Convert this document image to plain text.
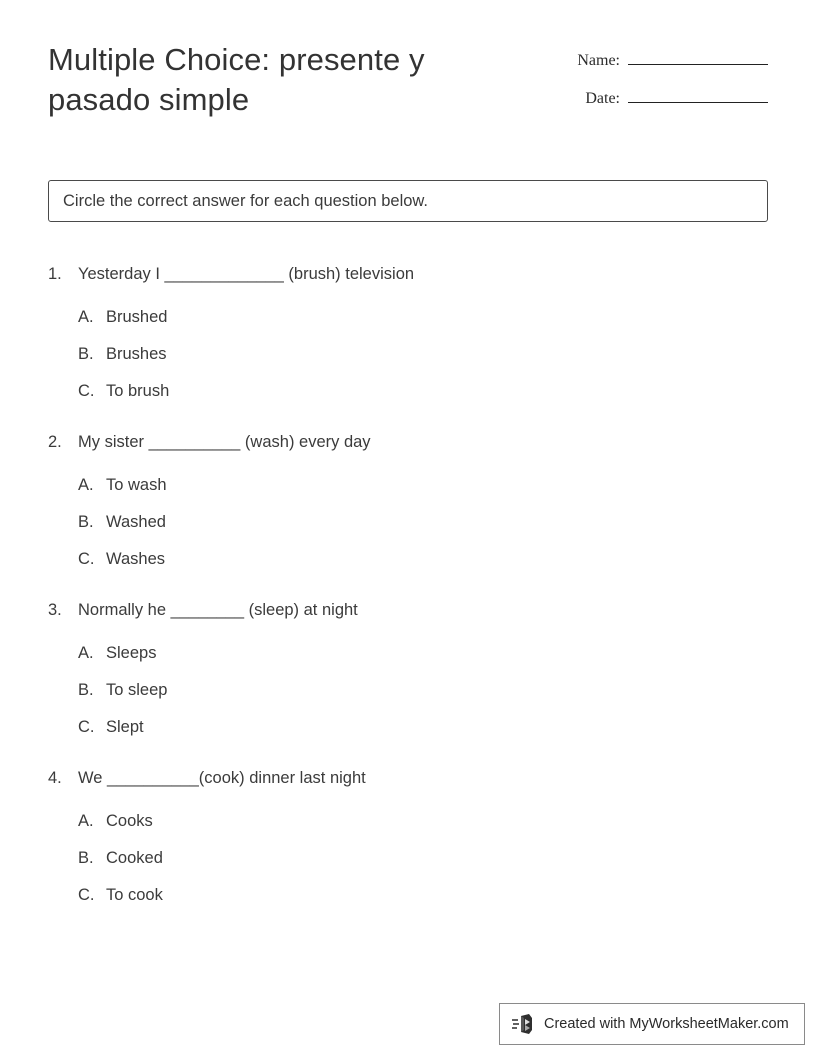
Multiple Choice: presente y pasado simple
Name:
Date:
Circle the correct answer for each question below.
1. Yesterday I _____________ (brush) television
A. Brushed
B. Brushes
C. To brush
2. My sister __________ (wash) every day
A. To wash
B. Washed
C. Washes
3. Normally he ________ (sleep) at night
A. Sleeps
B. To sleep
C. Slept
4. We __________(cook) dinner last night
A. Cooks
B. Cooked
C. To cook
Created with MyWorksheetMaker.com
